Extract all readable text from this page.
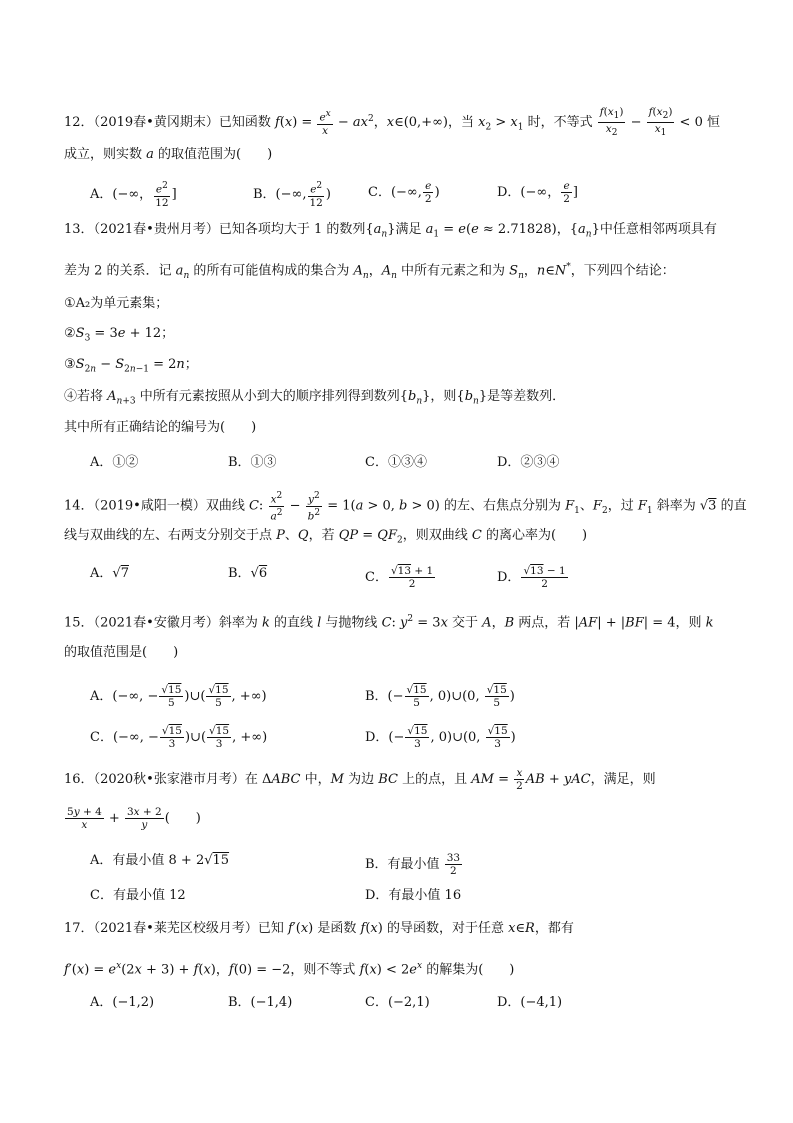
12．（2019春•黄冈期末）已知函数 $f(x) = \frac{e^x}{x} - ax^2$，x∈(0,+∞)，当 $x_2 > x_1$ 时，不等式 $\frac{f(x_1)}{x_2} - \frac{f(x_2)}{x_1} < 0$ 恒
成立，则实数 a 的取值范围为(　　)
A．(−∞， $\frac{e^2}{12}$ ]	B．(−∞, $\frac{e^2}{12}$ )	C．(−∞, $\frac{e}{2}$ )	D．(−∞， $\frac{e}{2}$ ]
13．（2021春•贵州月考）已知各项均大于 1 的数列$\{a_n\}$满足 $a_1 = e(e \approx 2.71828)$，$\{a_n\}$中任意相邻两项具有
差为 2 的关系．记 $a_n$ 的所有可能值构成的集合为 $A_n$，$A_n$ 中所有元素之和为 $S_n$，n∈N*，下列四个结论：
①A₂为单元素集；
$②S_3 = 3e + 12$；
$③S_{2n} - S_{2n-1} = 2n$；
④若将 $A_{n+3}$ 中所有元素按照从小到大的顺序排列得到数列$\{b_n\}$，则$\{b_n\}$是等差数列．
其中所有正确结论的编号为(　　)
A．①②	B．①③	C．①③④	D．②③④
14．（2019•咸阳一模）双曲线 C: $\frac{x^2}{a^2} - \frac{y^2}{b^2} = 1(a > 0$, b > 0) 的左、右焦点分别为 $F_1$、$F_2$，过 $F_1$ 斜率为 √3 的直
线与双曲线的左、右两支分别交于点 P、Q，若 QP = $QF_2$，则双曲线 C 的离心率为(　　)
A．√7	B．√6	C． $\frac{√13 + 1}{2}$	D． $\frac{√13 - 1}{2}$
15．（2021春•安徽月考）斜率为 k 的直线 l 与抛物线 C: $y^2 = 3x$ 交于 A，B 两点，若 |AF| + |BF| = 4，则 k
的取值范围是(　　)
A．(−∞, − $\frac{√15}{5}$ )∪( $\frac{√15}{5}$ , +∞)	B．(− $\frac{√15}{5}$ , 0)∪(0, $\frac{√15}{5}$ )
C．(−∞, − $\frac{√15}{3}$ )∪( $\frac{√15}{3}$ , +∞)	D．(− $\frac{√15}{3}$ , 0)∪(0, $\frac{√15}{3}$ )
16．（2020秋•张家港市月考）在 ΔABC 中，M 为边 BC 上的点，且 AM = $\frac{x}{2}$ AB + yAC，满足，则
$\frac{5y + 4}{x} + \frac{3x + 2}{y}$ (　　)
A．有最小值 8 + 2√15	B．有最小值 $\frac{33}{2}$
C．有最小值 12	D．有最小值 16
17．（2021春•莱芜区校级月考）已知 f′(x) 是函数 f(x) 的导函数，对于任意 x∈R，都有
$f'(x) = e^x(2x + 3) + f(x)$，f(0) = −2，则不等式 $f(x) < 2e^x$ 的解集为(　　)
A．(−1,2)	B．(−1,4)	C．(−2,1)	D．(−4,1)
